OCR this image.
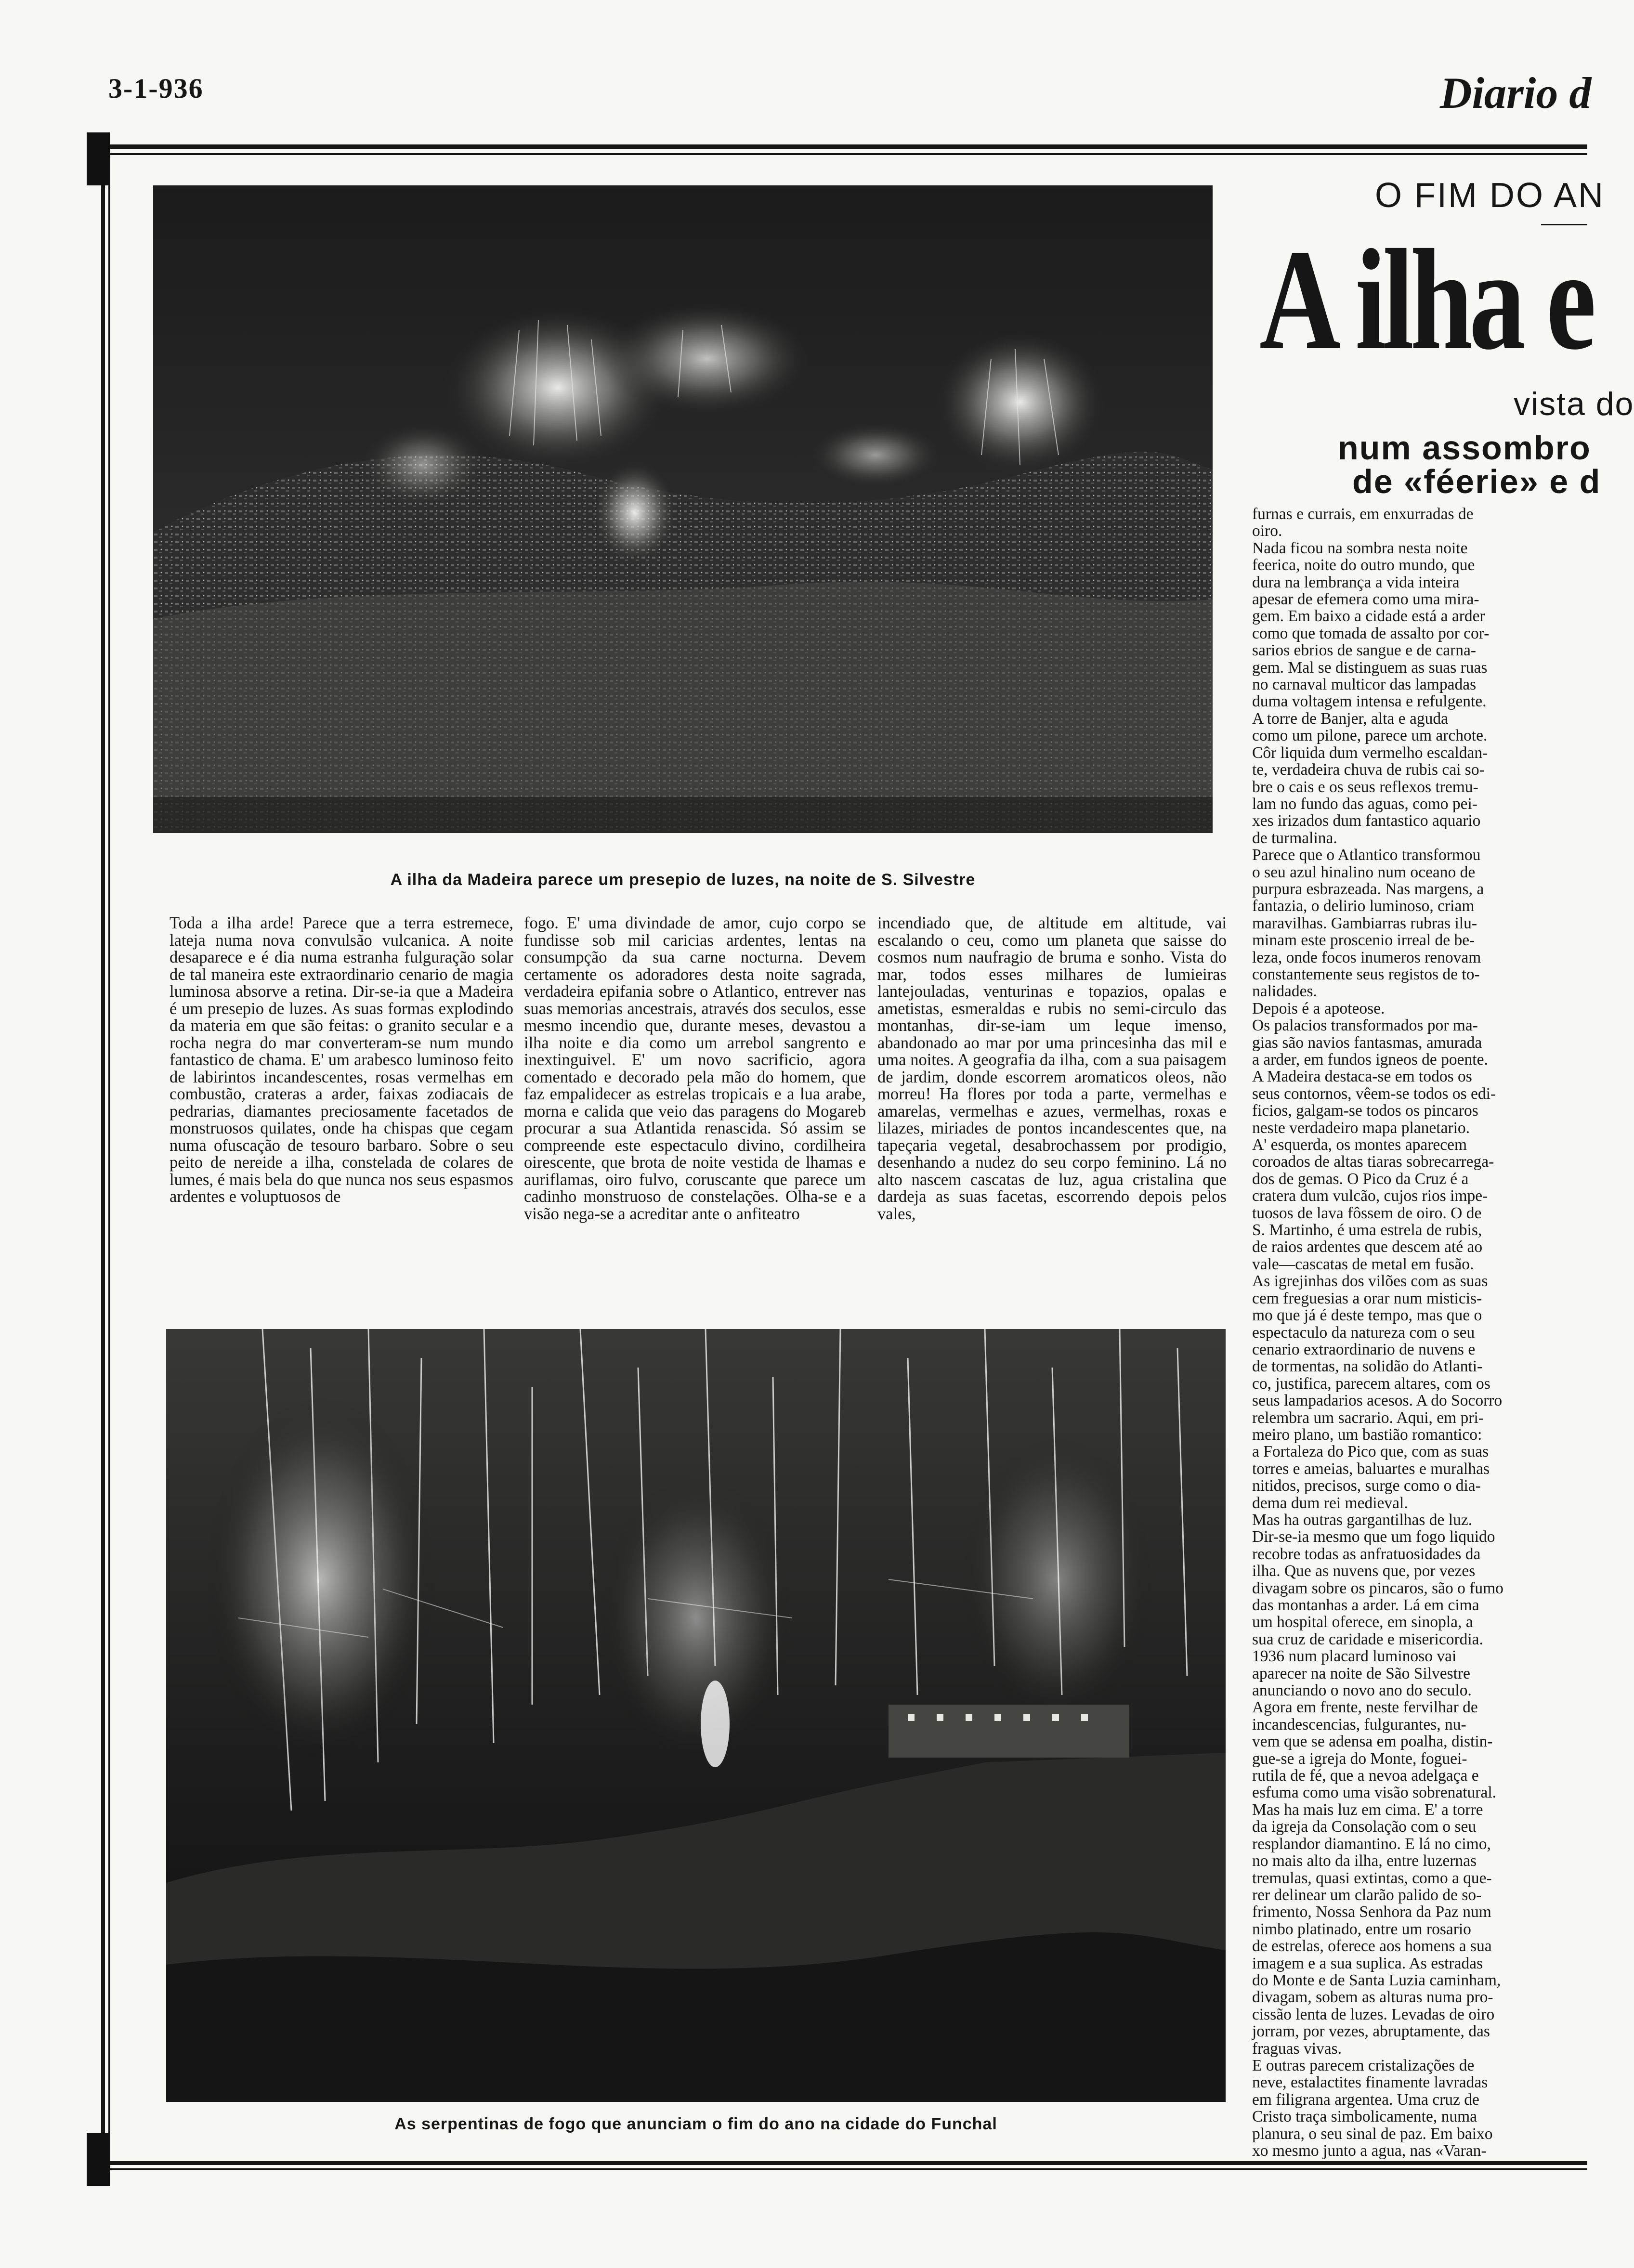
3-1-936	Diario d
A ilha da Madeira parece um presepio de luzes, na noite de S. Silvestre

Toda a ilha arde! Parece que a terra estremece, lateja numa nova convulsão vulcanica. A noite desaparece e é dia numa estranha fulguração solar de tal maneira este extraordinario cenario de magia luminosa absorve a retina. Dir-se-ia que a Madeira é um presepio de luzes. As suas formas explodindo da materia em que são feitas: o granito secular e a rocha negra do mar converteram-se num mundo fantastico de chama. E' um arabesco luminoso feito de labirintos incandescentes, rosas vermelhas em combustão, crateras a arder, faixas zodiacais de pedrarias, diamantes preciosamente facetados de monstruosos quilates, onde ha chispas que cegam numa ofuscação de tesouro barbaro. Sobre o seu peito de nereide a ilha, constelada de colares de lumes, é mais bela do que nunca nos seus espasmos ardentes e voluptuosos de

fogo. E' uma divindade de amor, cujo corpo se fundisse sob mil caricias ardentes, lentas na consumpção da sua carne nocturna. Devem certamente os adoradores desta noite sagrada, verdadeira epifania sobre o Atlantico, entrever nas suas memorias ancestrais, através dos seculos, esse mesmo incendio que, durante meses, devastou a ilha noite e dia como um arrebol sangrento e inextinguivel. E' um novo sacrificio, agora comentado e decorado pela mão do homem, que faz empalidecer as estrelas tropicais e a lua arabe, morna e calida que veio das paragens do Mogareb procurar a sua Atlantida renascida. Só assim se compreende este espectaculo divino, cordilheira oirescente, que brota de noite vestida de lhamas e auriflamas, oiro fulvo, coruscante que parece um cadinho monstruoso de constelações. Olha-se e a visão nega-se a acreditar ante o anfiteatro

incendiado que, de altitude em altitude, vai escalando o ceu, como um planeta que saisse do cosmos num naufragio de bruma e sonho. Vista do mar, todos esses milhares de lumieiras lantejouladas, venturinas e topazios, opalas e ametistas, esmeraldas e rubis no semi-circulo das montanhas, dir-se-iam um leque imenso, abandonado ao mar por uma princesinha das mil e uma noites. A geografia da ilha, com a sua paisagem de jardim, donde escorrem aromaticos oleos, não morreu! Ha flores por toda a parte, vermelhas e amarelas, vermelhas e azues, vermelhas, roxas e lilazes, miriades de pontos incandescentes que, na tapeçaria vegetal, desabrochassem por prodigio, desenhando a nudez do seu corpo feminino. Lá no alto nascem cascatas de luz, agua cristalina que dardeja as suas facetas, escorrendo depois pelos vales,

As serpentinas de fogo que anunciam o fim do ano na cidade do Funchal
O FIM DO AN
A ilha e
vista do
num assombro
de «féerie» e d
furnas e currais, em enxurradas de
oiro.
Nada ficou na sombra nesta noite
feerica, noite do outro mundo, que
dura na lembrança a vida inteira
apesar de efemera como uma mira-
gem. Em baixo a cidade está a arder
como que tomada de assalto por cor-
sarios ebrios de sangue e de carna-
gem. Mal se distinguem as suas ruas
no carnaval multicor das lampadas
duma voltagem intensa e refulgente.
A torre de Banjer, alta e aguda
como um pilone, parece um archote.
Côr liquida dum vermelho escaldan-
te, verdadeira chuva de rubis cai so-
bre o cais e os seus reflexos tremu-
lam no fundo das aguas, como pei-
xes irizados dum fantastico aquario
de turmalina.
Parece que o Atlantico transformou
o seu azul hinalino num oceano de
purpura esbrazeada. Nas margens, a
fantazia, o delirio luminoso, criam
maravilhas. Gambiarras rubras ilu-
minam este proscenio irreal de be-
leza, onde focos inumeros renovam
constantemente seus registos de to-
nalidades.
Depois é a apoteose.
Os palacios transformados por ma-
gias são navios fantasmas, amurada
a arder, em fundos igneos de poente.
A Madeira destaca-se em todos os
seus contornos, vêem-se todos os edi-
ficios, galgam-se todos os pincaros
neste verdadeiro mapa planetario.
A' esquerda, os montes aparecem
coroados de altas tiaras sobrecarrega-
dos de gemas. O Pico da Cruz é a
cratera dum vulcão, cujos rios impe-
tuosos de lava fôssem de oiro. O de
S. Martinho, é uma estrela de rubis,
de raios ardentes que descem até ao
vale—cascatas de metal em fusão.
As igrejinhas dos vilões com as suas
cem freguesias a orar num misticis-
mo que já é deste tempo, mas que o
espectaculo da natureza com o seu
cenario extraordinario de nuvens e
de tormentas, na solidão do Atlanti-
co, justifica, parecem altares, com os
seus lampadarios acesos. A do Socorro
relembra um sacrario. Aqui, em pri-
meiro plano, um bastião romantico:
a Fortaleza do Pico que, com as suas
torres e ameias, baluartes e muralhas
nitidos, precisos, surge como o dia-
dema dum rei medieval.
Mas ha outras gargantilhas de luz.
Dir-se-ia mesmo que um fogo liquido
recobre todas as anfratuosidades da
ilha. Que as nuvens que, por vezes
divagam sobre os pincaros, são o fumo
das montanhas a arder. Lá em cima
um hospital oferece, em sinopla, a
sua cruz de caridade e misericordia.
1936 num placard luminoso vai
aparecer na noite de São Silvestre
anunciando o novo ano do seculo.
Agora em frente, neste fervilhar de
incandescencias, fulgurantes, nu-
vem que se adensa em poalha, distin-
gue-se a igreja do Monte, foguei-
rutila de fé, que a nevoa adelgaça e
esfuma como uma visão sobrenatural.
Mas ha mais luz em cima. E' a torre
da igreja da Consolação com o seu
resplandor diamantino. E lá no cimo,
no mais alto da ilha, entre luzernas
tremulas, quasi extintas, como a que-
rer delinear um clarão palido de so-
frimento, Nossa Senhora da Paz num
nimbo platinado, entre um rosario
de estrelas, oferece aos homens a sua
imagem e a sua suplica. As estradas
do Monte e de Santa Luzia caminham,
divagam, sobem as alturas numa pro-
cissão lenta de luzes. Levadas de oiro
jorram, por vezes, abruptamente, das
fraguas vivas.
E outras parecem cristalizações de
neve, estalactites finamente lavradas
em filigrana argentea. Uma cruz de
Cristo traça simbolicamente, numa
planura, o seu sinal de paz. Em baixo
xo mesmo junto a agua, nas «Varan-
